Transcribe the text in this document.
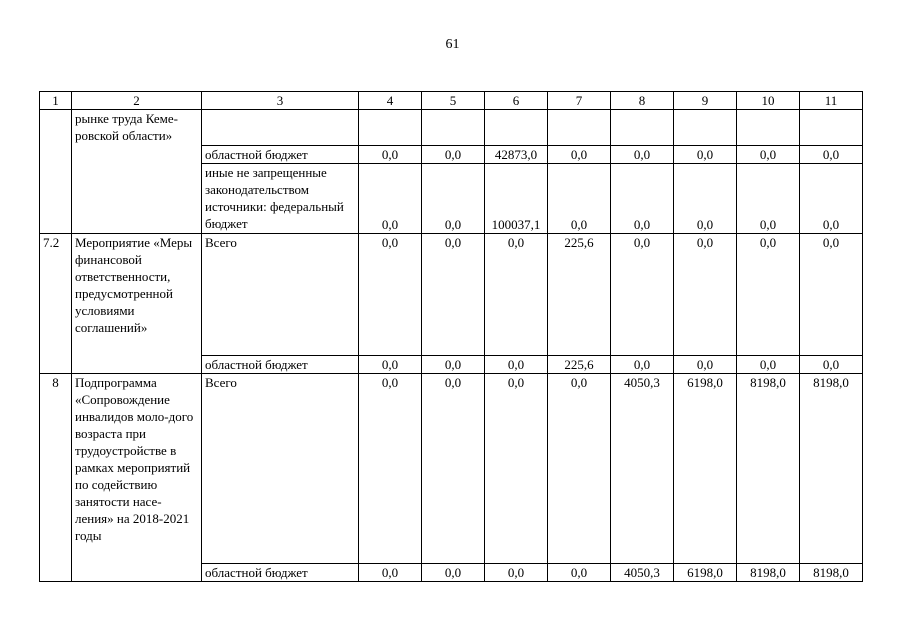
61
1	2	3	4	5	6	7	8	9	10	11
	рынке труда Кеме-ровской области»									
		областной бюджет	0,0	0,0	42873,0	0,0	0,0	0,0	0,0	0,0
		иные не запрещенные законодательством источники: федеральный бюджет	0,0	0,0	100037,1	0,0	0,0	0,0	0,0	0,0
7.2	Мероприятие «Меры финансовой ответственности, предусмотренной условиями соглашений»	Всего	0,0	0,0	0,0	225,6	0,0	0,0	0,0	0,0
		областной бюджет	0,0	0,0	0,0	225,6	0,0	0,0	0,0	0,0
8	Подпрограмма «Сопровождение инвалидов моло-дого возраста при трудоустройстве в рамках мероприятий по содействию занятости насе-ления» на 2018-2021 годы	Всего	0,0	0,0	0,0	0,0	4050,3	6198,0	8198,0	8198,0
		областной бюджет	0,0	0,0	0,0	0,0	4050,3	6198,0	8198,0	8198,0
